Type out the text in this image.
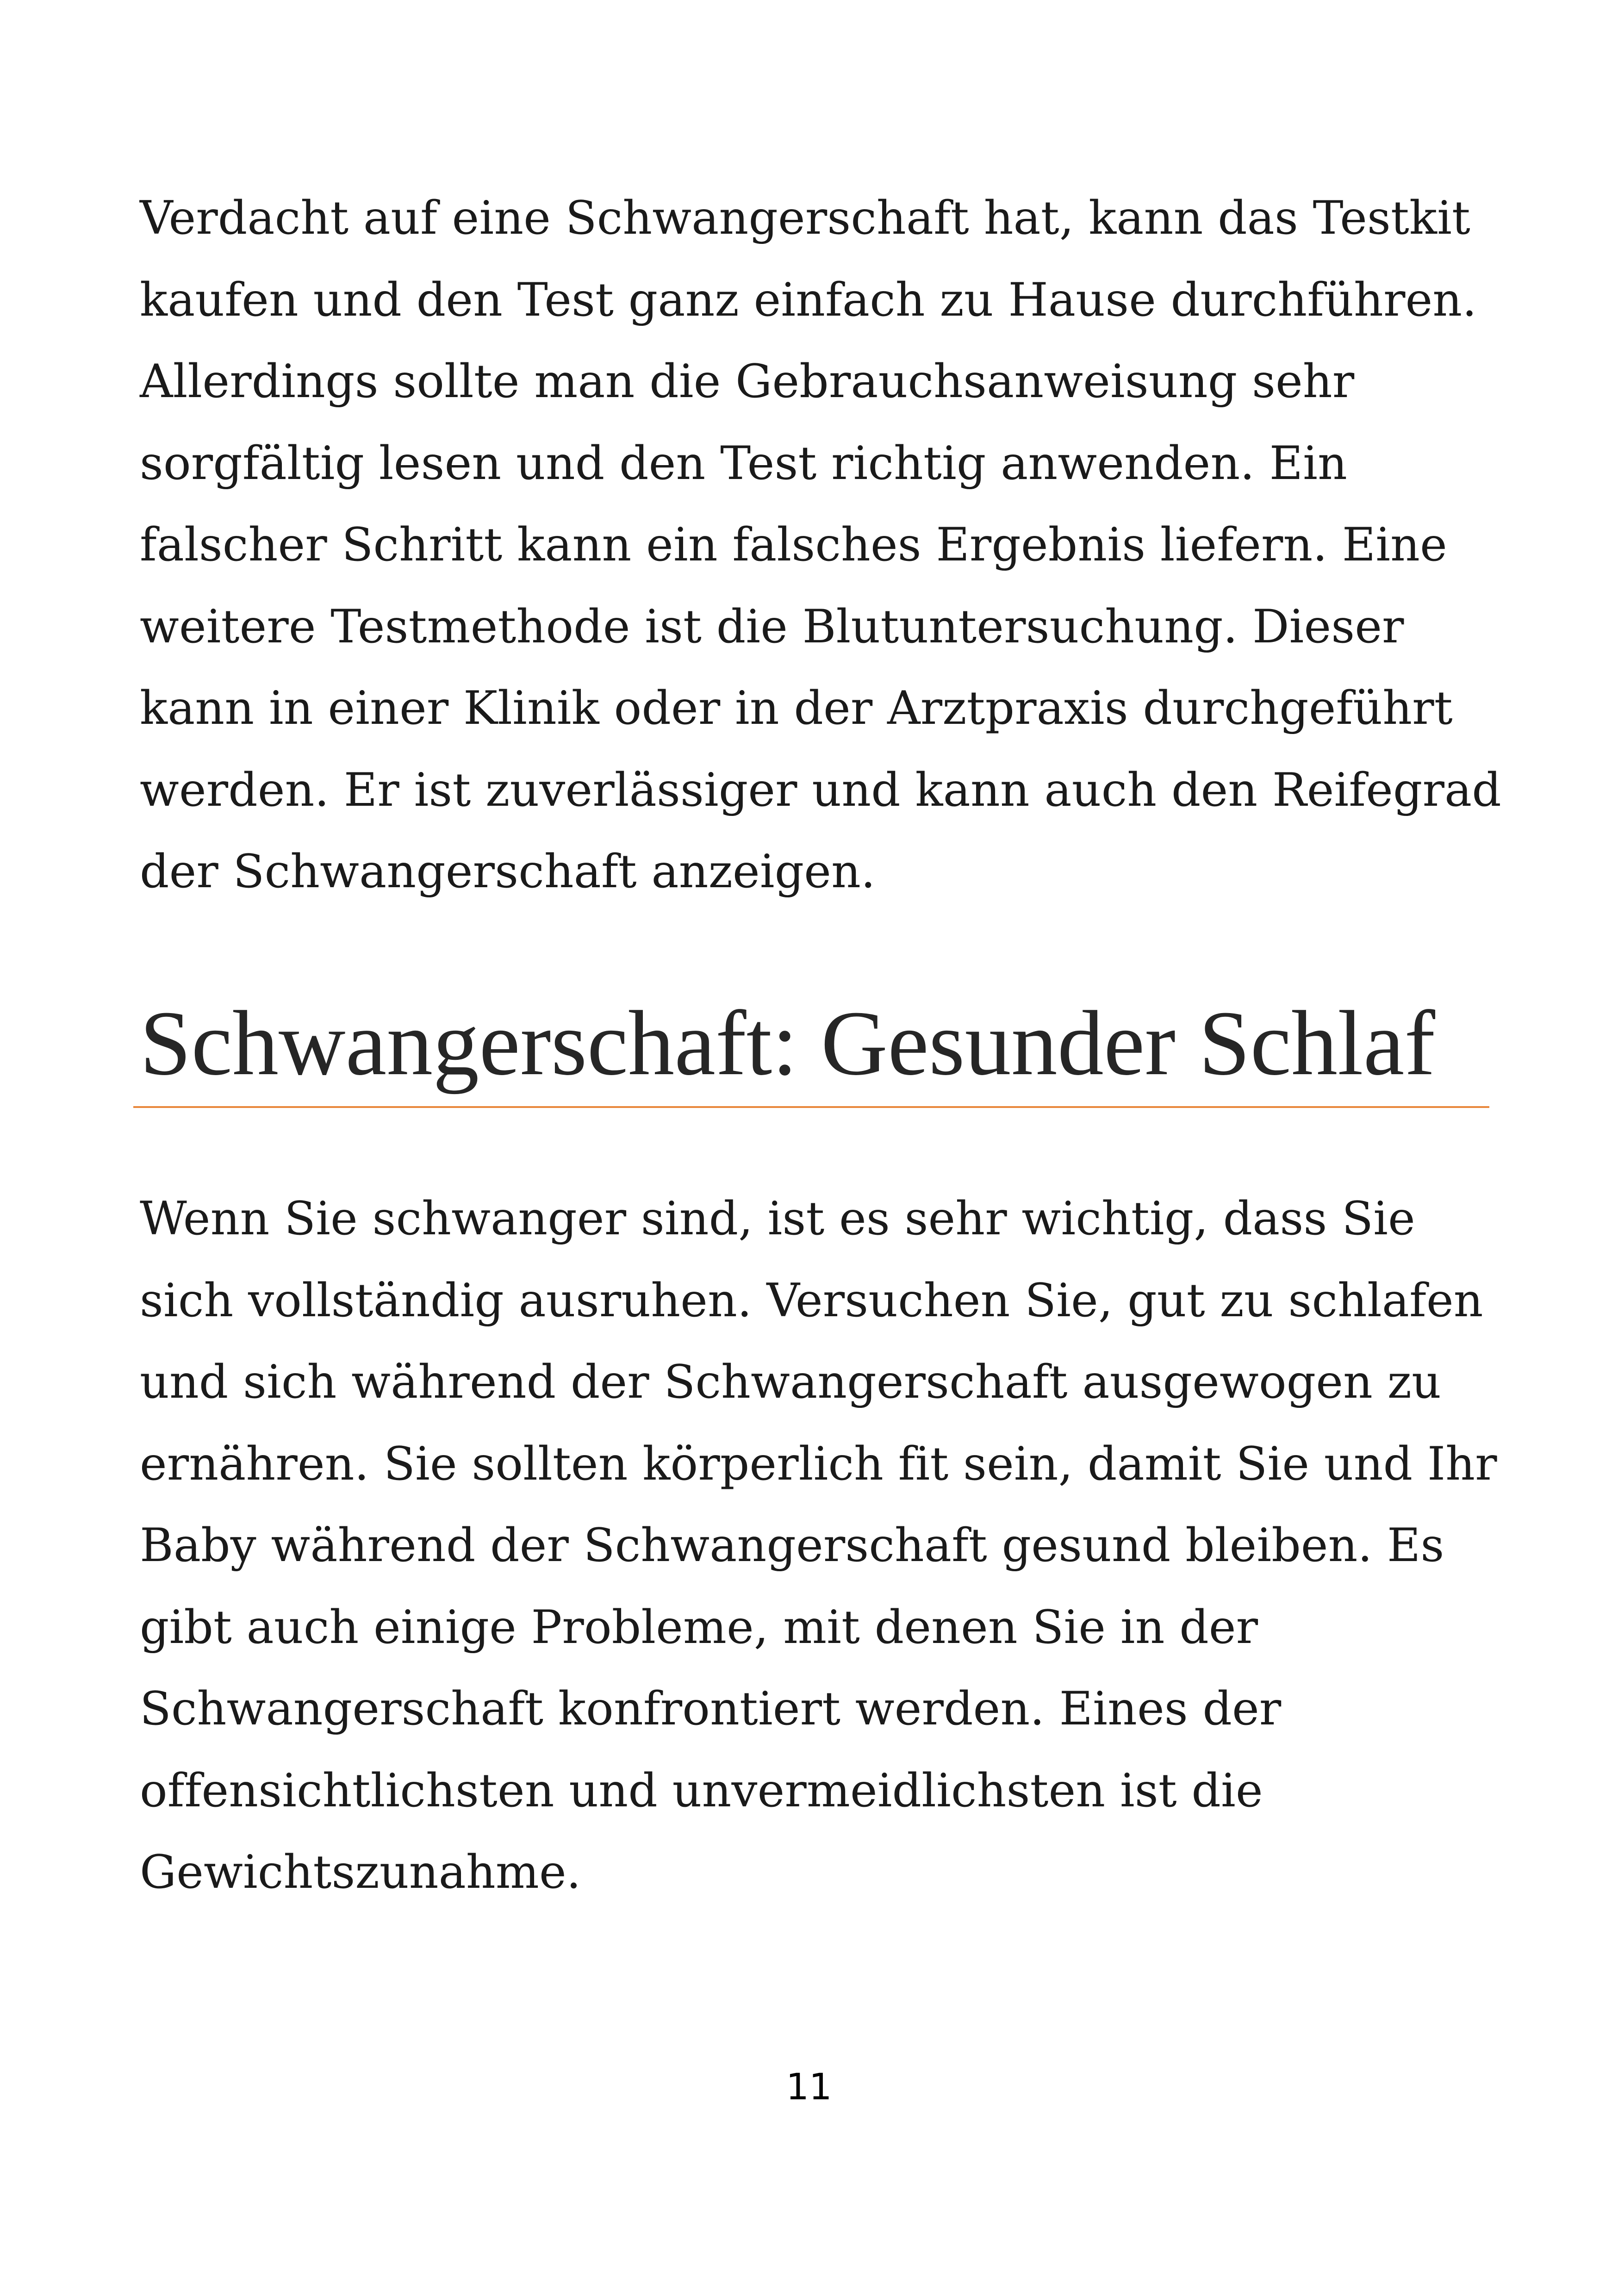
Verdacht auf eine Schwangerschaft hat, kann das Testkit
kaufen und den Test ganz einfach zu Hause durchführen.
Allerdings sollte man die Gebrauchsanweisung sehr
sorgfältig lesen und den Test richtig anwenden. Ein
falscher Schritt kann ein falsches Ergebnis liefern. Eine
weitere Testmethode ist die Blutuntersuchung. Dieser
kann in einer Klinik oder in der Arztpraxis durchgeführt
werden. Er ist zuverlässiger und kann auch den Reifegrad
der Schwangerschaft anzeigen.

Schwangerschaft: Gesunder Schlaf

Wenn Sie schwanger sind, ist es sehr wichtig, dass Sie
sich vollständig ausruhen. Versuchen Sie, gut zu schlafen
und sich während der Schwangerschaft ausgewogen zu
ernähren. Sie sollten körperlich fit sein, damit Sie und Ihr
Baby während der Schwangerschaft gesund bleiben. Es
gibt auch einige Probleme, mit denen Sie in der
Schwangerschaft konfrontiert werden. Eines der
offensichtlichsten und unvermeidlichsten ist die
Gewichtszunahme.

11
